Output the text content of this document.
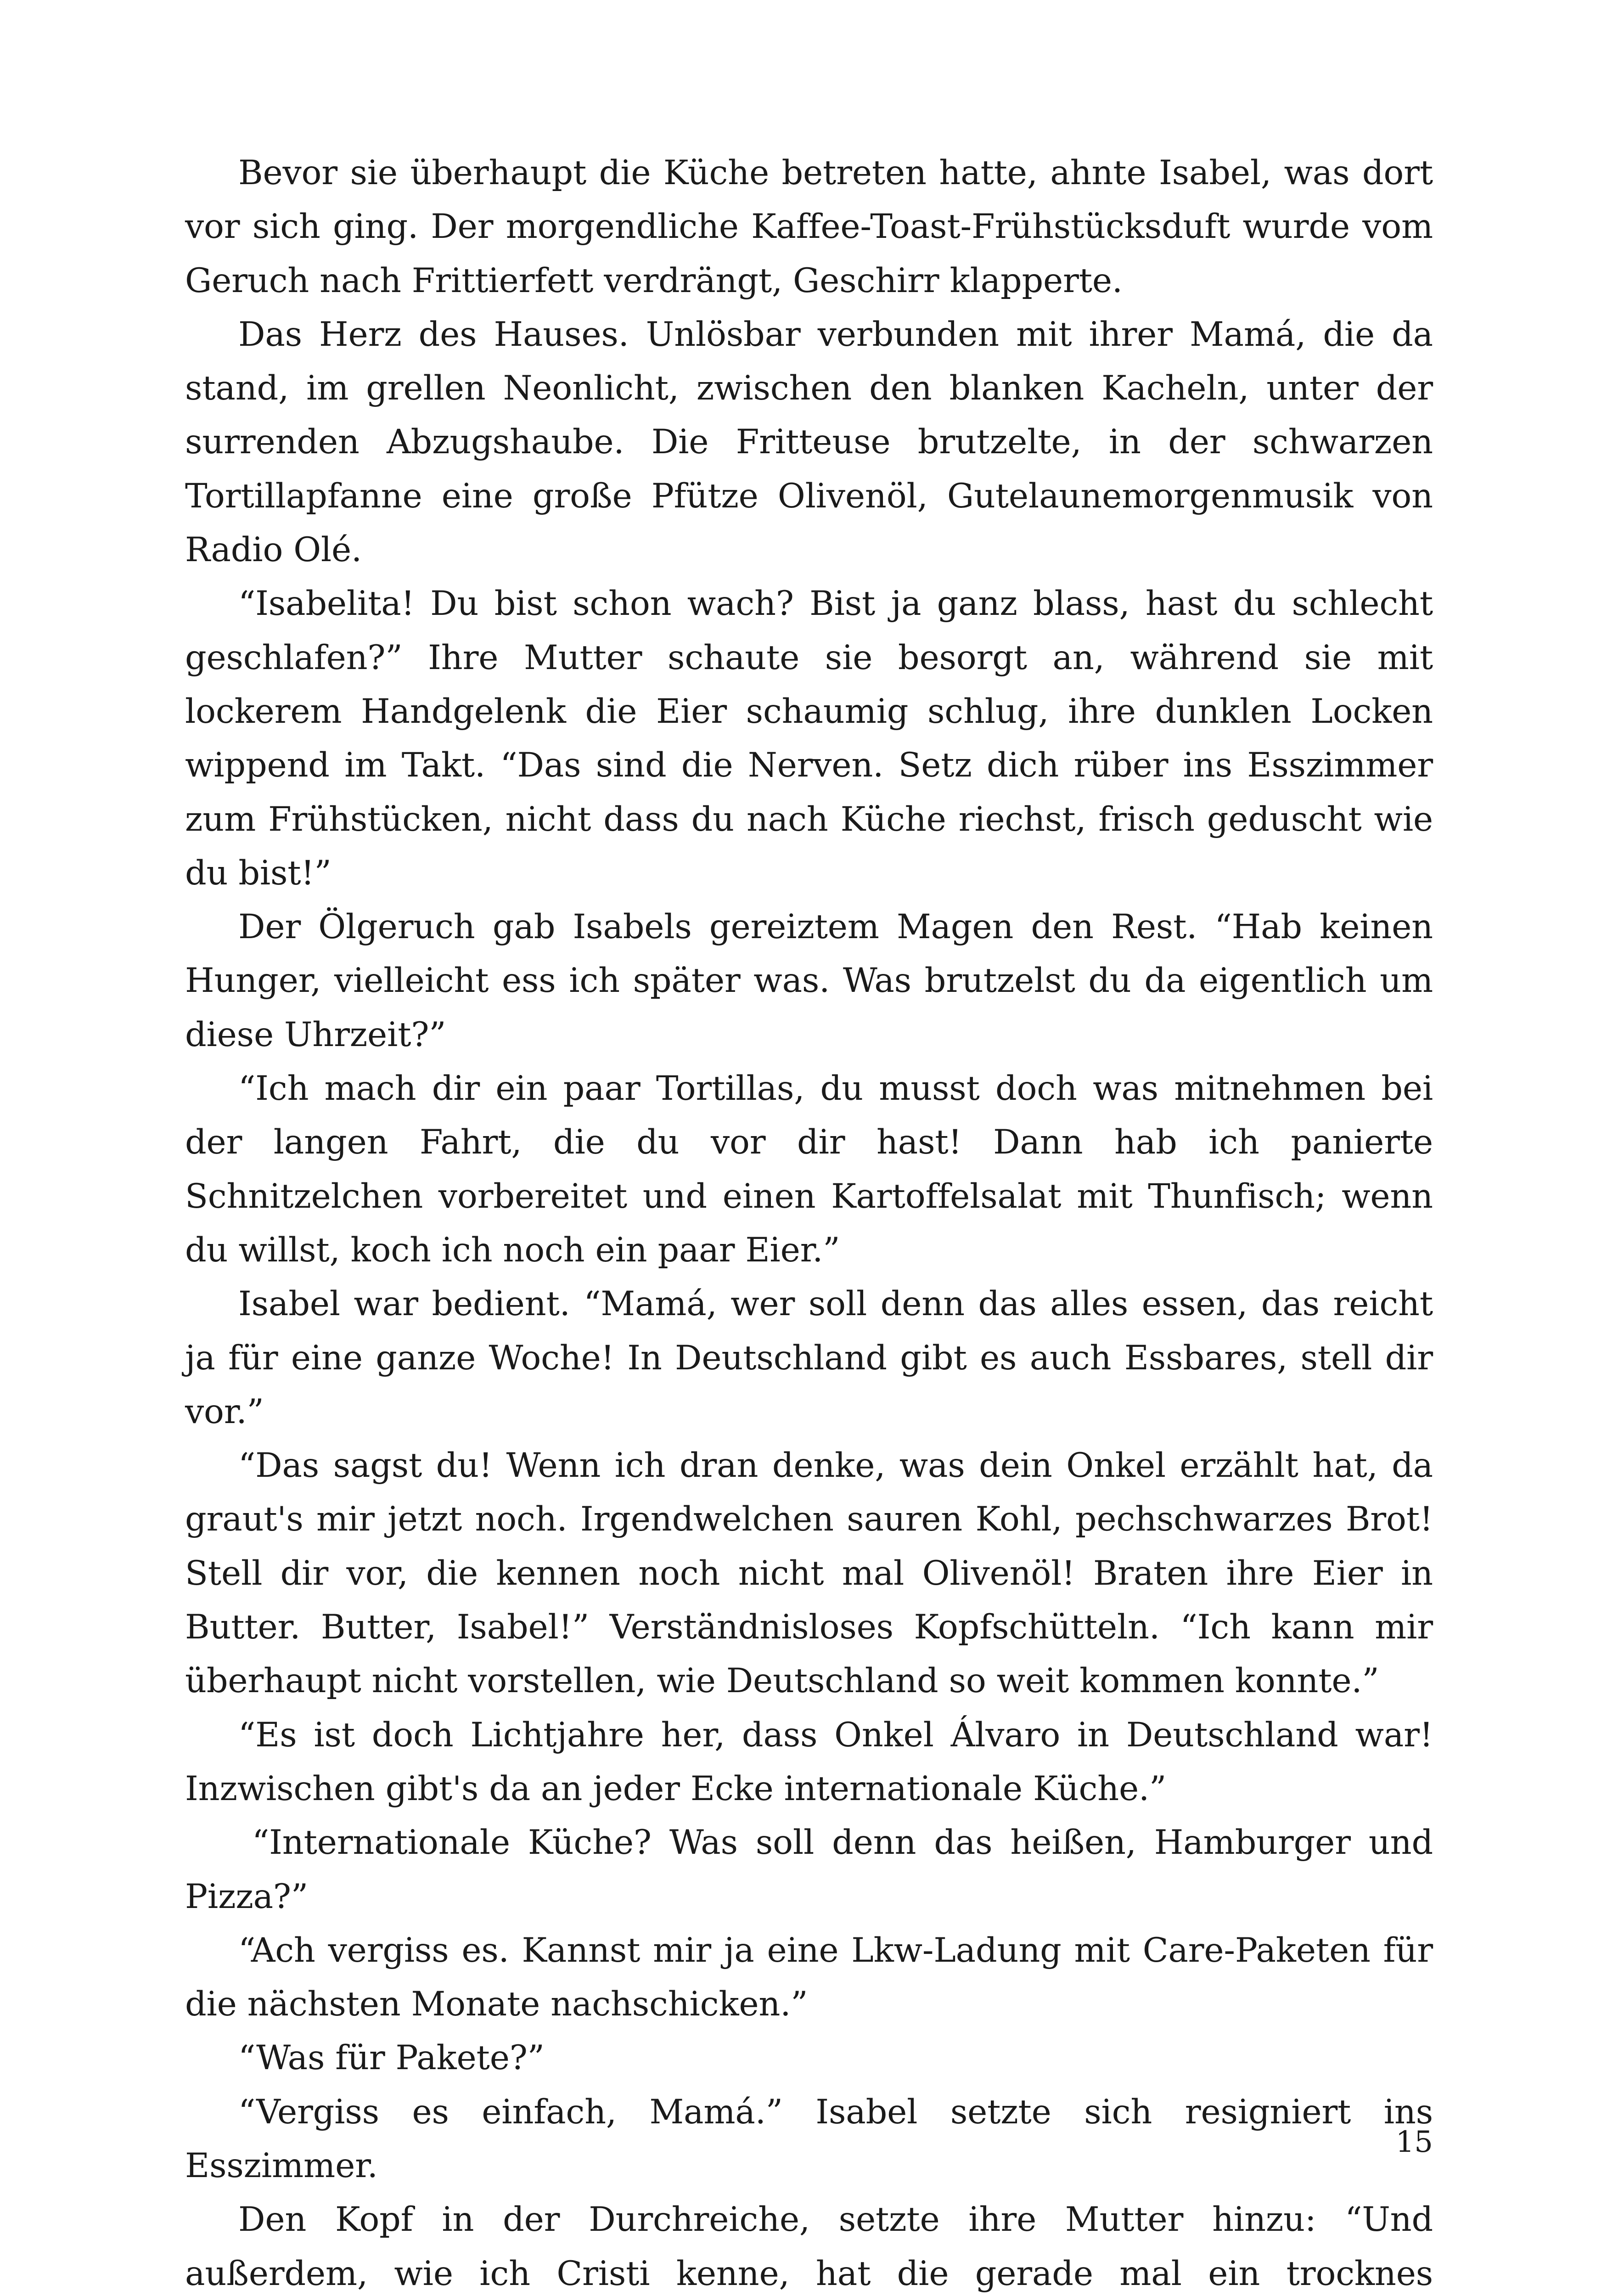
Bevor sie überhaupt die Küche betreten hatte, ahnte Isabel, was dort vor sich ging. Der morgendliche Kaffee-Toast-Frühstücksduft wurde vom Geruch nach Frittierfett verdrängt, Geschirr klapperte.

Das Herz des Hauses. Unlösbar verbunden mit ihrer Mamá, die da stand, im grellen Neonlicht, zwischen den blanken Kacheln, unter der surrenden Abzugshaube. Die Fritteuse brutzelte, in der schwarzen Tortillapfanne eine große Pfütze Olivenöl, Gutelaunemorgenmusik von Radio Olé.

“Isabelita! Du bist schon wach? Bist ja ganz blass, hast du schlecht geschlafen?” Ihre Mutter schaute sie besorgt an, während sie mit lockerem Handgelenk die Eier schaumig schlug, ihre dunklen Locken wippend im Takt. “Das sind die Nerven. Setz dich rüber ins Esszimmer zum Frühstücken, nicht dass du nach Küche riechst, frisch geduscht wie du bist!”

Der Ölgeruch gab Isabels gereiztem Magen den Rest. “Hab keinen Hunger, vielleicht ess ich später was. Was brutzelst du da eigentlich um diese Uhrzeit?”

“Ich mach dir ein paar Tortillas, du musst doch was mitnehmen bei der langen Fahrt, die du vor dir hast! Dann hab ich panierte Schnitzelchen vorbereitet und einen Kartoffelsalat mit Thunfisch; wenn du willst, koch ich noch ein paar Eier.”

Isabel war bedient. “Mamá, wer soll denn das alles essen, das reicht ja für eine ganze Woche! In Deutschland gibt es auch Essbares, stell dir vor.”

“Das sagst du! Wenn ich dran denke, was dein Onkel erzählt hat, da graut's mir jetzt noch. Irgendwelchen sauren Kohl, pechschwarzes Brot! Stell dir vor, die kennen noch nicht mal Olivenöl! Braten ihre Eier in Butter. Butter, Isabel!” Verständnisloses Kopfschütteln. “Ich kann mir überhaupt nicht vorstellen, wie Deutschland so weit kommen konnte.”

“Es ist doch Lichtjahre her, dass Onkel Álvaro in Deutschland war! Inzwischen gibt's da an jeder Ecke internationale Küche.”

“Internationale Küche? Was soll denn das heißen, Hamburger und Pizza?”

“Ach vergiss es. Kannst mir ja eine Lkw-Ladung mit Care-Paketen für die nächsten Monate nachschicken.”

“Was für Pakete?”

“Vergiss es einfach, Mamá.” Isabel setzte sich resigniert ins Esszimmer.

Den Kopf in der Durchreiche, setzte ihre Mutter hinzu: “Und außerdem, wie ich Cristi kenne, hat die gerade mal ein trocknes

15
